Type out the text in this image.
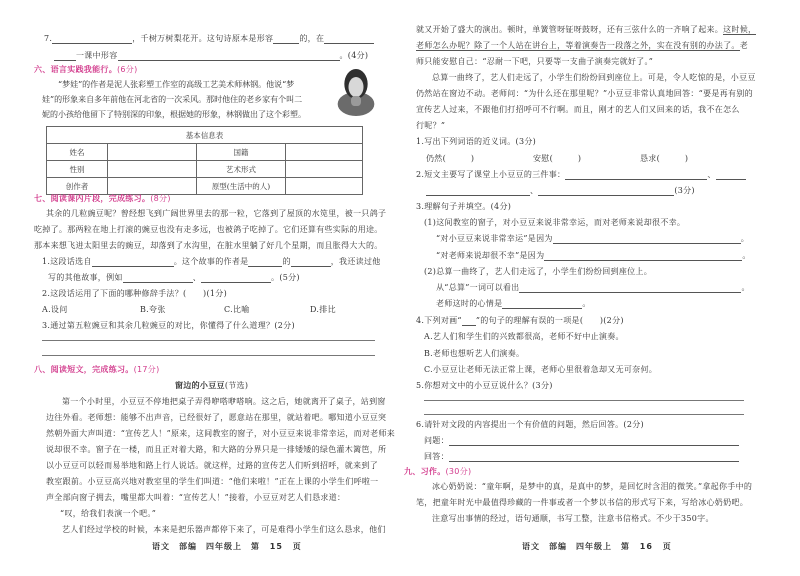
7.	，千树万树梨花开。这句诗原本是形容	的，在
一课中形容	。(4分)
六、语言实践我能行。(6分)
“梦娃”的作者是泥人张彩塑工作室的高级工艺美术师林钢。他说“梦
娃”的形象来自多年前他在河北省的一次采风。那时他住的老乡家有个叫二
妮的小孩给他留下了特别深的印象，根据她的形象，林钢做出了这个彩塑。
基本信息表			
姓名		国籍	
性别		艺术形式	
创作者		原型(生活中的人)	
七、阅读课内片段，完成练习。(8分)
其余的几粒豌豆呢？曾经想飞到广阔世界里去的那一粒，它落到了屋顶的水笕里，被一只鸽子
吃掉了。那两粒在地上打滚的豌豆也没有走多远，也被鸽子吃掉了。它们还算有些实际的用途。
那本来想飞进太阳里去的豌豆，却落到了水沟里，在脏水里躺了好几个星期，而且胀得大大的。
1.这段话选自	。这个故事的作者是	的	，我还读过他
写的其他故事，例如	、	。(5分)
2.这段话运用了下面的哪种修辞手法？(　　)(1分)
A.设问	B.夸张	C.比喻	D.排比
3.通过第五粒豌豆和其余几粒豌豆的对比，你懂得了什么道理？(2分)
八、阅读短文，完成练习。(17分)
窗边的小豆豆(节选)
第一个小时里，小豆豆不停地把桌子弄得咿嗒咿嗒响。这之后，她就离开了桌子，站到窗
边往外看。老师想：能够不出声音，已经很好了，愿意站在那里，就站着吧。哪知道小豆豆突
然朝外面大声叫道：“宣传艺人！”原来，这间教室的窗子，对小豆豆来说非常幸运，而对老师来
说却很不幸。窗子在一楼，而且正对着大路，和大路的分界只是一排矮矮的绿色灌木篱笆，所
以小豆豆可以轻而易举地和路上行人说话。就这样，过路的宣传艺人们听到招呼，就来到了
教室跟前。小豆豆高兴地对教室里的学生们叫道：“他们来啦！”正在上课的小学生们呼啦一
声全部向窗子拥去，嘴里都大叫着：“宣传艺人！”接着，小豆豆对艺人们恳求道：
“叹，给我们表演一个吧。”
艺人们经过学校的时候，本来是把乐器声都停下来了，可是难得小学生们这么恳求，他们
语文　部编　四年级上　第 15 页
就又开始了盛大的演出。顿时，单簧管呀钲呀鼓呀，还有三弦什么的一齐响了起来。这时候，
老师怎么办呢？除了一个人站在讲台上，等着演奏告一段落之外，实在没有别的办法了。老
师只能安慰自己：“忍耐一下吧，只要等一支曲子演奏完就好了。”
总算一曲终了，艺人们走远了，小学生们纷纷回到座位上。可是，令人吃惊的是，小豆豆
仍然站在窗边不动。老师问：“为什么还在那里呢？”小豆豆非常认真地回答：“要是再有别的
宣传艺人过来，不跟他们打招呼可不行啊。而且，刚才的艺人们又回来的话，我不在怎么
行呢？”
1.写出下列词语的近义词。(3分)
仍然(　　　)	安慰(　　　)	恳求(　　　)
2.短文主要写了课堂上小豆豆的三件事：	、
、	(3分)
3.理解句子并填空。(4分)
(1)这间教室的窗子，对小豆豆来说非常幸运，而对老师来说却很不幸。
“对小豆豆来说非常幸运”是因为	。
“对老师来说却很不幸”是因为	。
(2)总算一曲终了，艺人们走远了，小学生们纷纷回到座位上。
从“总算”一词可以看出	。
老师这时的心情是	。
4.下列对画“ ”的句子的理解有误的一项是(　　)(2分)
A.艺人们和学生们的兴致都很高，老师不好中止演奏。
B.老师也想听艺人们演奏。
C.小豆豆让老师无法正常上课，老师心里很着急却又无可奈何。
5.你想对文中的小豆豆说什么？(3分)
6.请针对文段的内容提出一个有价值的问题，然后回答。(2分)
问题：
回答：
九、习作。(30分)
冰心奶奶说：“童年啊，是梦中的真，是真中的梦，是回忆时含泪的微笑。”拿起你手中的
笔，把童年时光中最值得珍藏的一件事或者一个梦以书信的形式写下来，写给冰心奶奶吧。
注意写出事情的经过，语句通顺，书写工整，注意书信格式。不少于350字。
语文　部编　四年级上　第 16 页
